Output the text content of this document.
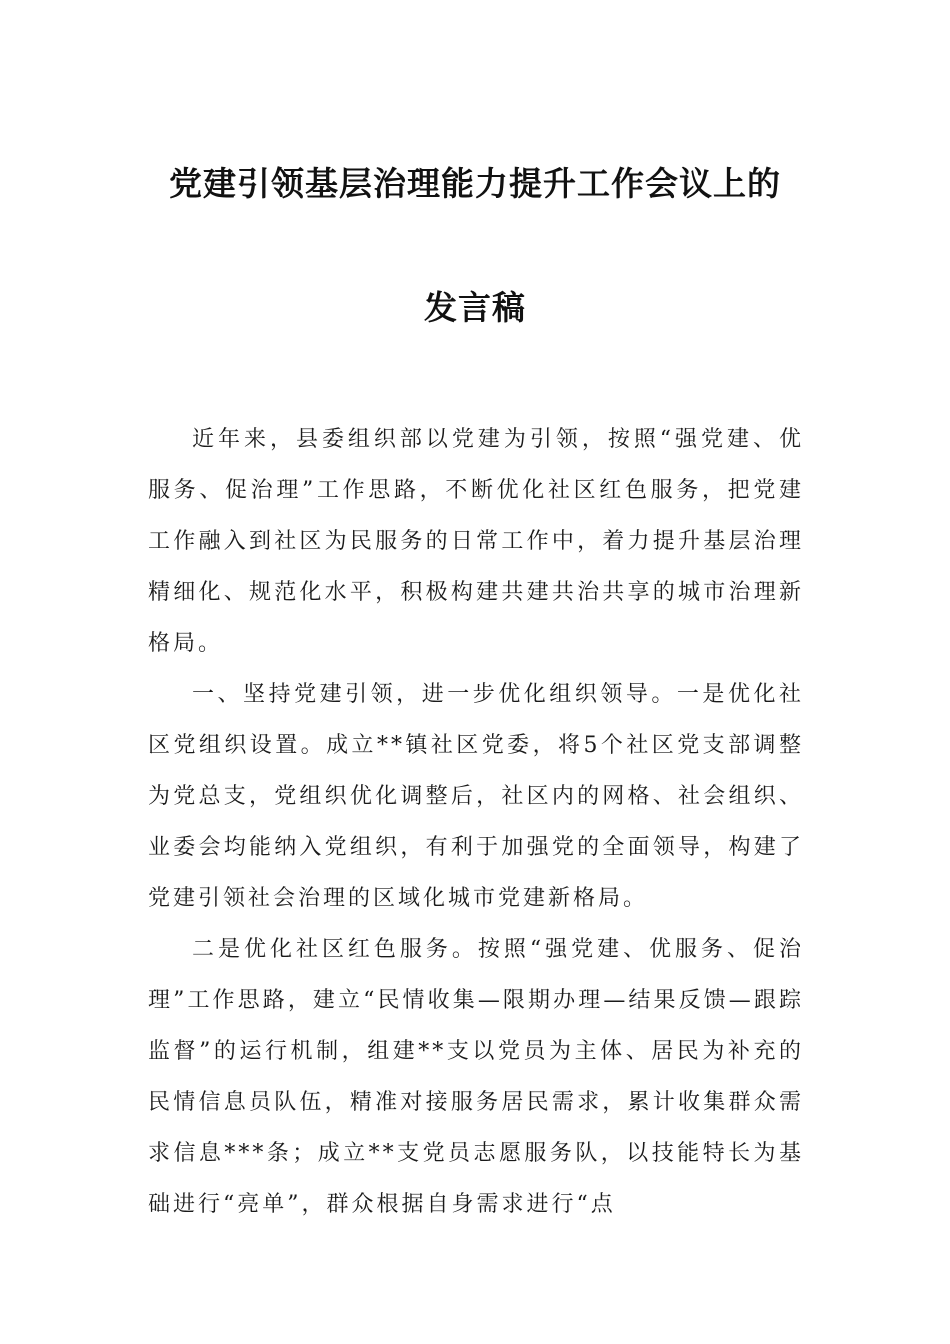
党建引领基层治理能力提升工作会议上的
发言稿

近年来，县委组织部以党建为引领，按照“强党建、优服务、促治理”工作思路，不断优化社区红色服务，把党建工作融入到社区为民服务的日常工作中，着力提升基层治理精细化、规范化水平，积极构建共建共治共享的城市治理新格局。

一、坚持党建引领，进一步优化组织领导。一是优化社区党组织设置。成立**镇社区党委，将5个社区党支部调整为党总支，党组织优化调整后，社区内的网格、社会组织、业委会均能纳入党组织，有利于加强党的全面领导，构建了党建引领社会治理的区域化城市党建新格局。

二是优化社区红色服务。按照“强党建、优服务、促治理”工作思路，建立“民情收集—限期办理—结果反馈—跟踪监督”的运行机制，组建**支以党员为主体、居民为补充的民情信息员队伍，精准对接服务居民需求，累计收集群众需求信息***条；成立**支党员志愿服务队，以技能特长为基础进行“亮单”，群众根据自身需求进行“点
